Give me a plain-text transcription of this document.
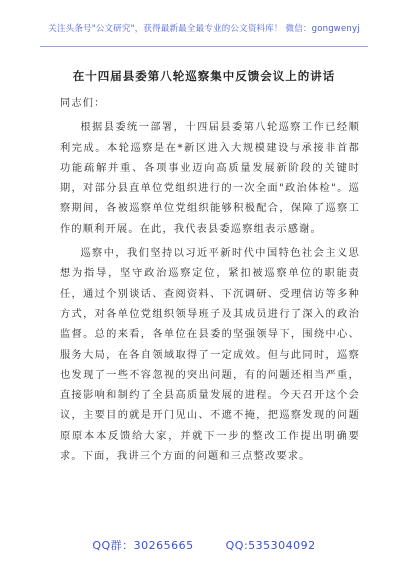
关注头条号"公文研究"，获得最新最全最专业的公文资料库！ 微信：gongwenyj
在十四届县委第八轮巡察集中反馈会议上的讲话

同志们：

根据县委统一部署，十四届县委第八轮巡察工作已经顺利完成。本轮巡察是在*新区进入大规模建设与承接非首都功能疏解并重、各项事业迈向高质量发展新阶段的关键时期，对部分县直单位党组织进行的一次全面"政治体检"。巡察期间，各被巡察单位党组织能够积极配合，保障了巡察工作的顺利开展。在此，我代表县委巡察组表示感谢。

巡察中，我们坚持以习近平新时代中国特色社会主义思想为指导，坚守政治巡察定位，紧扣被巡察单位的职能责任，通过个别谈话、查阅资料、下沉调研、受理信访等多种方式，对各单位党组织领导班子及其成员进行了深入的政治监督。总的来看，各单位在县委的坚强领导下，围绕中心、服务大局，在各自领域取得了一定成效。但与此同时，巡察也发现了一些不容忽视的突出问题，有的问题还相当严重，直接影响和制约了全县高质量发展的进程。今天召开这个会议，主要目的就是开门见山、不遮不掩，把巡察发现的问题原原本本反馈给大家，并就下一步的整改工作提出明确要求。下面，我讲三个方面的问题和三点整改要求。

QQ群：30265665	QQ:535304092
